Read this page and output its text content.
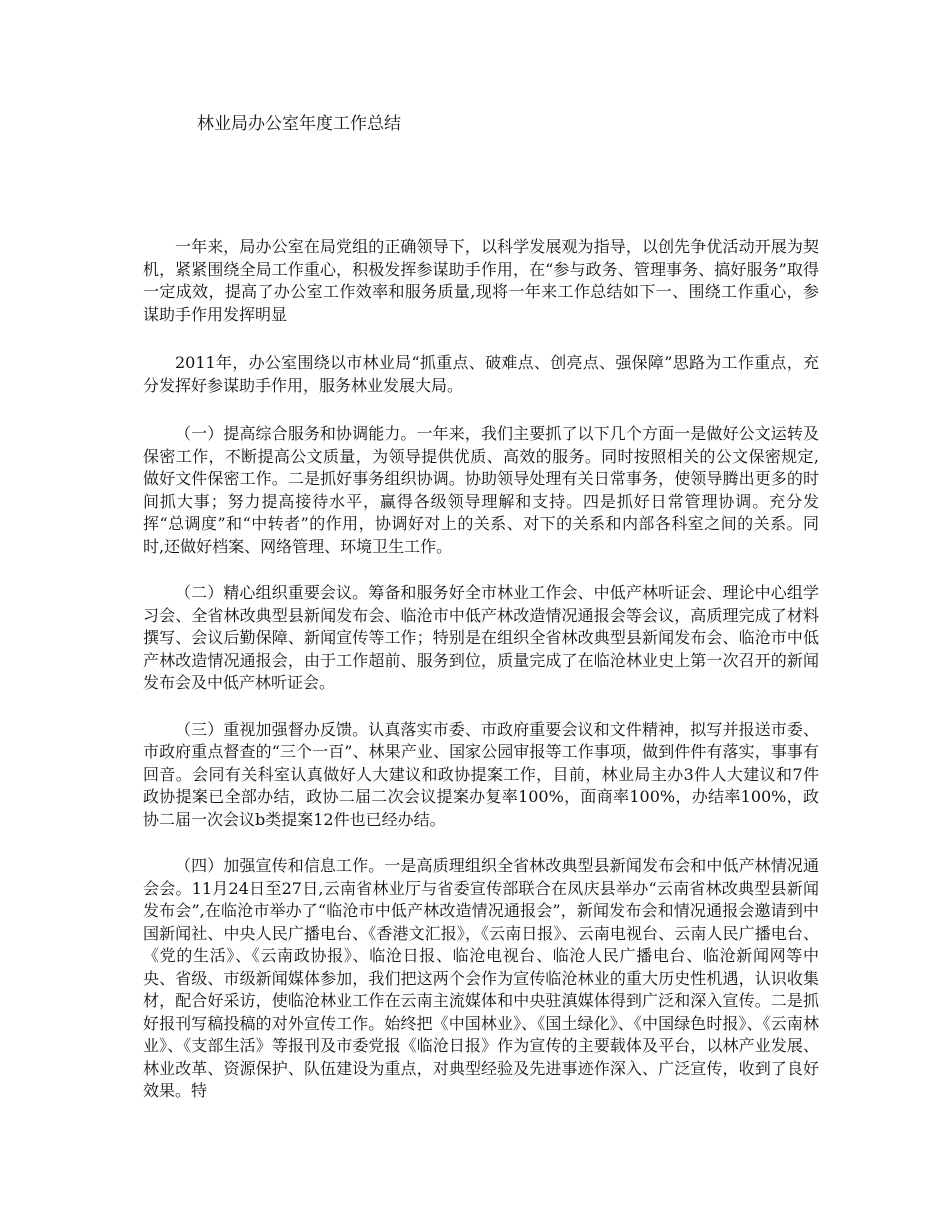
林业局办公室年度工作总结

一年来，局办公室在局党组的正确领导下，以科学发展观为指导，以创先争优活动开展为契机，紧紧围绕全局工作重心，积极发挥参谋助手作用，在“参与政务、管理事务、搞好服务”取得一定成效，提高了办公室工作效率和服务质量,现将一年来工作总结如下一、围绕工作重心，参谋助手作用发挥明显

2011年，办公室围绕以市林业局“抓重点、破难点、创亮点、强保障”思路为工作重点，充分发挥好参谋助手作用，服务林业发展大局。

（一）提高综合服务和协调能力。一年来，我们主要抓了以下几个方面一是做好公文运转及保密工作，不断提高公文质量，为领导提供优质、高效的服务。同时按照相关的公文保密规定,做好文件保密工作。二是抓好事务组织协调。协助领导处理有关日常事务，使领导腾出更多的时间抓大事；努力提高接待水平，赢得各级领导理解和支持。四是抓好日常管理协调。充分发挥“总调度”和“中转者”的作用，协调好对上的关系、对下的关系和内部各科室之间的关系。同时,还做好档案、网络管理、环境卫生工作。

（二）精心组织重要会议。筹备和服务好全市林业工作会、中低产林听证会、理论中心组学习会、全省林改典型县新闻发布会、临沧市中低产林改造情况通报会等会议，高质理完成了材料撰写、会议后勤保障、新闻宣传等工作；特别是在组织全省林改典型县新闻发布会、临沧市中低产林改造情况通报会，由于工作超前、服务到位，质量完成了在临沧林业史上第一次召开的新闻发布会及中低产林听证会。

（三）重视加强督办反馈。认真落实市委、市政府重要会议和文件精神，拟写并报送市委、市政府重点督查的“三个一百”、林果产业、国家公园审报等工作事项，做到件件有落实，事事有回音。会同有关科室认真做好人大建议和政协提案工作，目前，林业局主办3件人大建议和7件政协提案已全部办结，政协二届二次会议提案办复率100%，面商率100%，办结率100%，政协二届一次会议b类提案12件也已经办结。

（四）加强宣传和信息工作。一是高质理组织全省林改典型县新闻发布会和中低产林情况通会会。11月24日至27日,云南省林业厅与省委宣传部联合在凤庆县举办“云南省林改典型县新闻发布会”,在临沧市举办了“临沧市中低产林改造情况通报会”，新闻发布会和情况通报会邀请到中国新闻社、中央人民广播电台、《香港文汇报》，《云南日报》、云南电视台、云南人民广播电台、《党的生活》、《云南政协报》、临沧日报、临沧电视台、临沧人民广播电台、临沧新闻网等中央、省级、市级新闻媒体参加，我们把这两个会作为宣传临沧林业的重大历史性机遇，认识收集材，配合好采访，使临沧林业工作在云南主流媒体和中央驻滇媒体得到广泛和深入宣传。二是抓好报刊写稿投稿的对外宣传工作。始终把《中国林业》、《国土绿化》、《中国绿色时报》、《云南林业》、《支部生活》等报刊及市委党报《临沧日报》作为宣传的主要载体及平台，以林产业发展、林业改革、资源保护、队伍建设为重点，对典型经验及先进事迹作深入、广泛宣传，收到了良好效果。特
